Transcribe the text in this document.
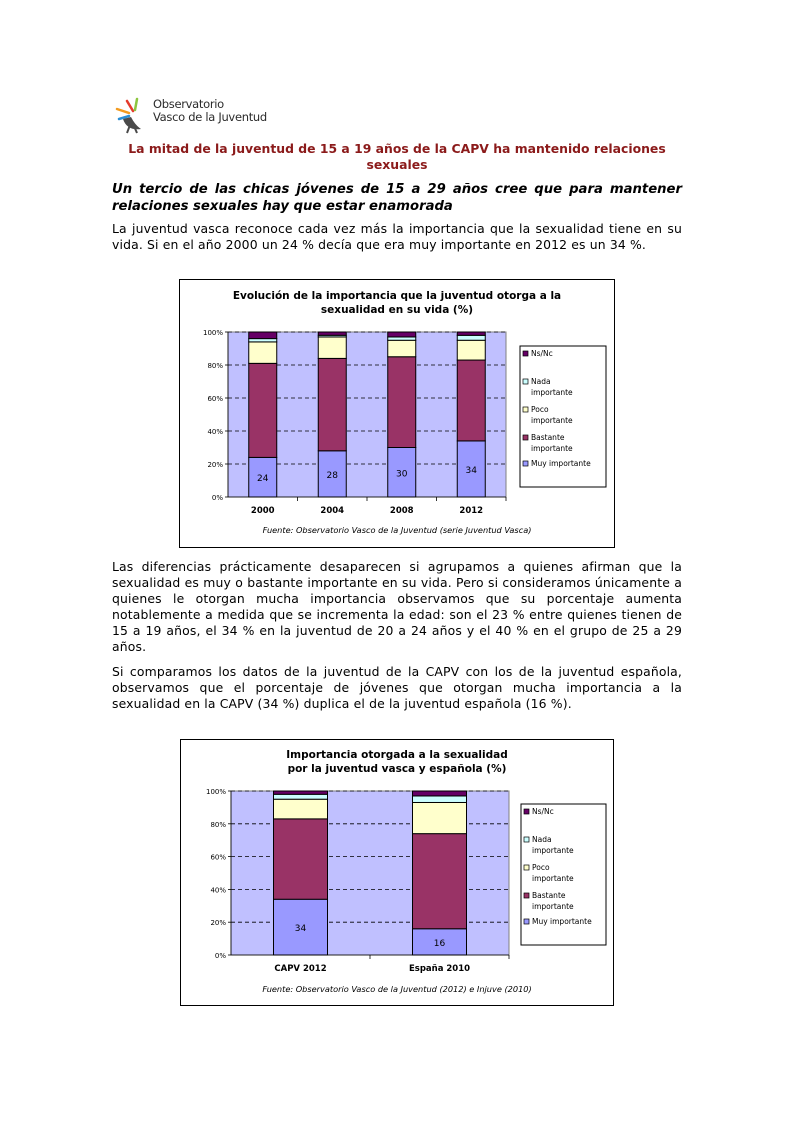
Observatorio
Vasco de la Juventud
La mitad de la juventud de 15 a 19 años de la CAPV ha mantenido relaciones sexuales
Un tercio de las chicas jóvenes de 15 a 29 años cree que para mantener relaciones sexuales hay que estar enamorada
La juventud vasca reconoce cada vez más la importancia que la sexualidad tiene en su vida. Si en el año 2000 un 24 % decía que era muy importante en 2012 es un 34 %.
Evolución de la importancia que la juventud otorga a la sexualidad en su vida (%)
0%
20%
40%
60%
80%
100%
24
2000
28
2004
30
2008
34
2012
Ns/Nc
Nada
importante
Poco
importante
Bastante
importante
Muy importante
Fuente: Observatorio Vasco de la Juventud (serie Juventud Vasca)
Las diferencias prácticamente desaparecen si agrupamos a quienes afirman que la sexualidad es muy o bastante importante en su vida. Pero si consideramos únicamente a quienes le otorgan mucha importancia observamos que su porcentaje aumenta notablemente a medida que se incrementa la edad: son el 23 % entre quienes tienen de 15 a 19 años, el 34 % en la juventud de 20 a 24 años y el 40 % en el grupo de 25 a 29 años.
Si comparamos los datos de la juventud de la CAPV con los de la juventud española, observamos que el porcentaje de jóvenes que otorgan mucha importancia a la sexualidad en la CAPV (34 %) duplica el de la juventud española (16 %).
Importancia otorgada a la sexualidad por la juventud vasca y española (%)
0%
20%
40%
60%
80%
100%
34
CAPV 2012
16
España 2010
Ns/Nc
Nada
importante
Poco
importante
Bastante
importante
Muy importante
Fuente: Observatorio Vasco de la Juventud (2012) e Injuve (2010)
